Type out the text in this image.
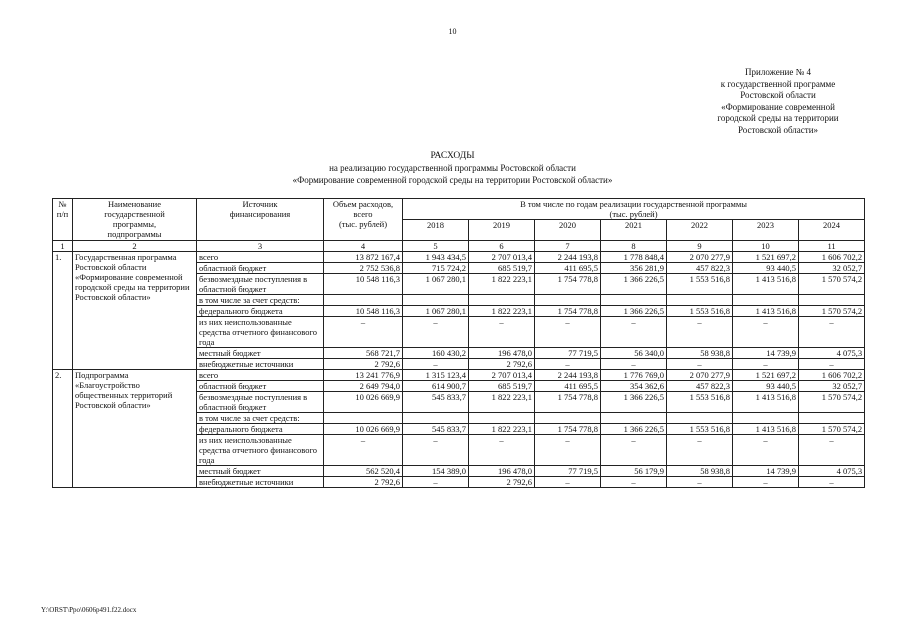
10
Приложение № 4
к государственной программе
Ростовской области
«Формирование современной
городской среды на территории
Ростовской области»
РАСХОДЫ
на реализацию государственной программы Ростовской области
«Формирование современной городской среды на территории Ростовской области»
№
п/п	Наименование
государственной
программы,
подпрограммы	Источник
финансирования	Объем расходов,
всего
(тыс. рублей)	В том числе по годам реализации государственной программы
(тыс. рублей)						
				2018	2019	2020	2021	2022	2023	2024
1	2	3	4	5	6	7	8	9	10	11
1.	Государственная программа Ростовской области «Формирование современной городской среды на территории Ростовской области»	всего	13 872 167,4	1 943 434,5	2 707 013,4	2 244 193,8	1 778 848,4	2 070 277,9	1 521 697,2	1 606 702,2
		областной бюджет	2 752 536,8	715 724,2	685 519,7	411 695,5	356 281,9	457 822,3	93 440,5	32 052,7
		безвозмездные поступления в областной бюджет	10 548 116,3	1 067 280,1	1 822 223,1	1 754 778,8	1 366 226,5	1 553 516,8	1 413 516,8	1 570 574,2
		в том числе за счет средств:								
		федерального бюджета	10 548 116,3	1 067 280,1	1 822 223,1	1 754 778,8	1 366 226,5	1 553 516,8	1 413 516,8	1 570 574,2
		из них неиспользованные средства отчетного финансового года	–	–	–	–	–	–	–	–
		местный бюджет	568 721,7	160 430,2	196 478,0	77 719,5	56 340,0	58 938,8	14 739,9	4 075,3
		внебюджетные источники	2 792,6	–	2 792,6	–	–	–	–	–
2.	Подпрограмма «Благоустройство общественных территорий Ростовской области»	всего	13 241 776,9	1 315 123,4	2 707 013,4	2 244 193,8	1 776 769,0	2 070 277,9	1 521 697,2	1 606 702,2
		областной бюджет	2 649 794,0	614 900,7	685 519,7	411 695,5	354 362,6	457 822,3	93 440,5	32 052,7
		безвозмездные поступления в областной бюджет	10 026 669,9	545 833,7	1 822 223,1	1 754 778,8	1 366 226,5	1 553 516,8	1 413 516,8	1 570 574,2
		в том числе за счет средств:								
		федерального бюджета	10 026 669,9	545 833,7	1 822 223,1	1 754 778,8	1 366 226,5	1 553 516,8	1 413 516,8	1 570 574,2
		из них неиспользованные средства отчетного финансового года	–	–	–	–	–	–	–	–
		местный бюджет	562 520,4	154 389,0	196 478,0	77 719,5	56 179,9	58 938,8	14 739,9	4 075,3
		внебюджетные источники	2 792,6	–	2 792,6	–	–	–	–	–
Y:\ORST\Ppo\0606p491.f22.docx
